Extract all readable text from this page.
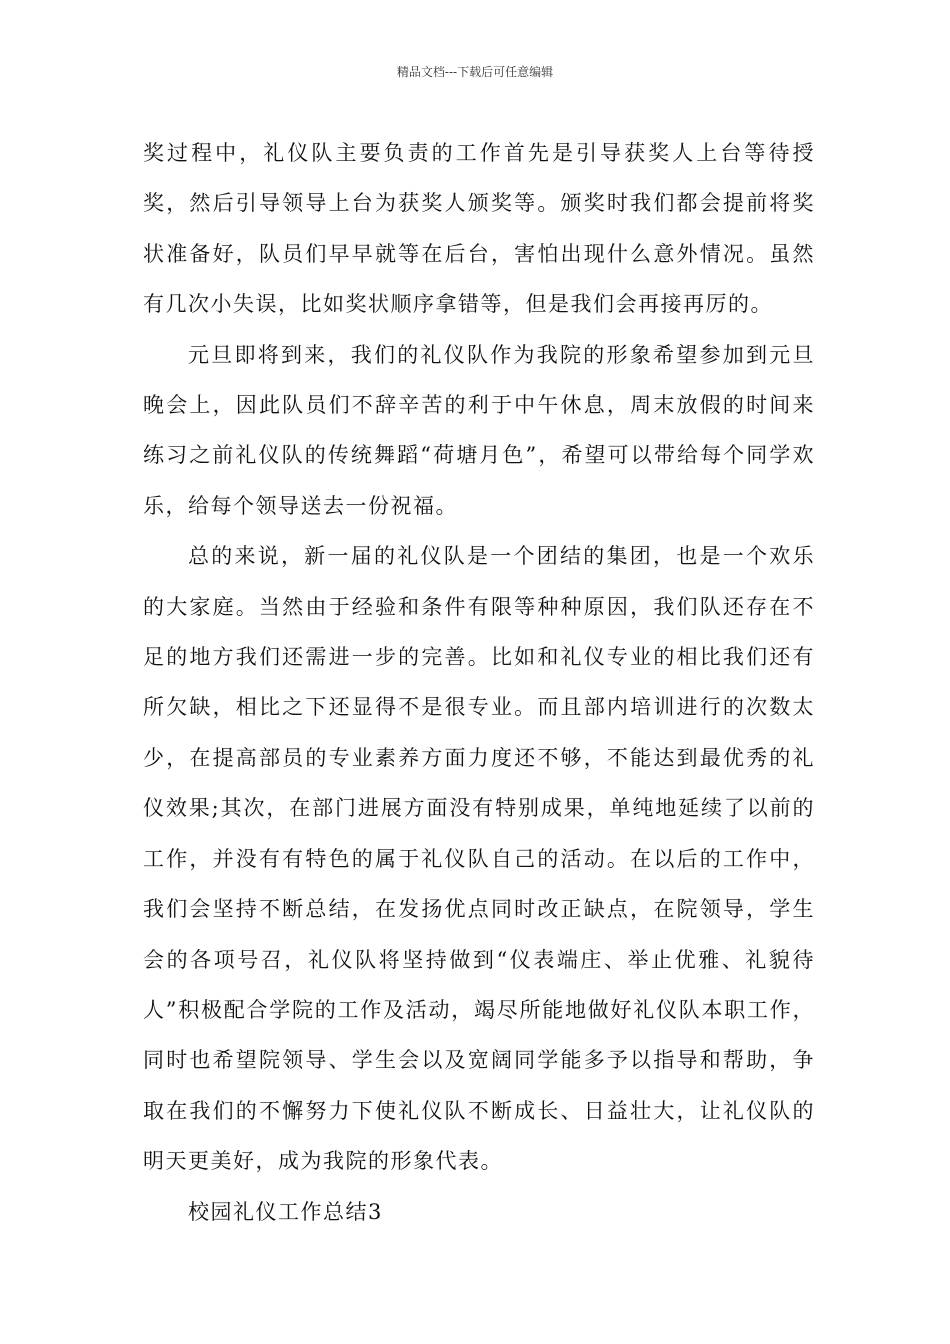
精品文档---下载后可任意编辑

奖过程中，礼仪队主要负责的工作首先是引导获奖人上台等待授奖，然后引导领导上台为获奖人颁奖等。颁奖时我们都会提前将奖状准备好，队员们早早就等在后台，害怕出现什么意外情况。虽然有几次小失误，比如奖状顺序拿错等，但是我们会再接再厉的。

元旦即将到来，我们的礼仪队作为我院的形象希望参加到元旦晚会上，因此队员们不辞辛苦的利于中午休息，周末放假的时间来练习之前礼仪队的传统舞蹈“荷塘月色”，希望可以带给每个同学欢乐，给每个领导送去一份祝福。

总的来说，新一届的礼仪队是一个团结的集团，也是一个欢乐的大家庭。当然由于经验和条件有限等种种原因，我们队还存在不足的地方我们还需进一步的完善。比如和礼仪专业的相比我们还有所欠缺，相比之下还显得不是很专业。而且部内培训进行的次数太少，在提高部员的专业素养方面力度还不够，不能达到最优秀的礼仪效果;其次，在部门进展方面没有特别成果，单纯地延续了以前的工作，并没有有特色的属于礼仪队自己的活动。在以后的工作中，我们会坚持不断总结，在发扬优点同时改正缺点，在院领导，学生会的各项号召，礼仪队将坚持做到“仪表端庄、举止优雅、礼貌待人”积极配合学院的工作及活动，竭尽所能地做好礼仪队本职工作，同时也希望院领导、学生会以及宽阔同学能多予以指导和帮助，争取在我们的不懈努力下使礼仪队不断成长、日益壮大，让礼仪队的明天更美好，成为我院的形象代表。

校园礼仪工作总结3
